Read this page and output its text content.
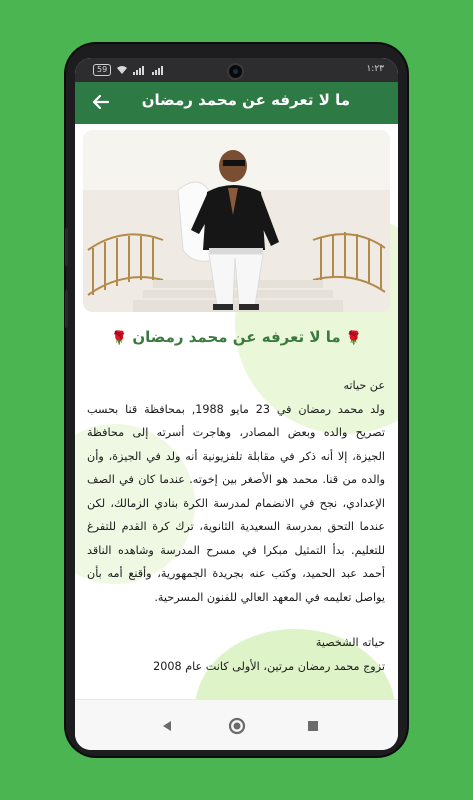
59	١:٢٣
ما لا تعرفه عن محمد رمضان
🌹 ما لا تعرفه عن محمد رمضان 🌹

عن حياته

ولد محمد رمضان في 23 مايو 1988, بمحافظة قنا بحسب تصريح والده وبعض المصادر، وهاجرت أسرته إلى محافظة الجيزة، إلا أنه ذكر في مقابلة تلفزيونية أنه ولد في الجيزة، وأن والده من قنا. محمد هو الأصغر بين إخوته. عندما كان في الصف الإعدادي، نجح في الانضمام لمدرسة الكرة بنادي الزمالك، لكن عندما التحق بمدرسة السعيدية الثانوية، ترك كرة القدم للتفرغ للتعليم. بدأ التمثيل مبكرا في مسرح المدرسة وشاهده الناقد أحمد عبد الحميد، وكتب عنه بجريدة الجمهورية، وأقنع أمه بأن يواصل تعليمه في المعهد العالي للفنون المسرحية.

حياته الشخصية

تزوج محمد رمضان مرتين، الأولى كانت عام 2008
